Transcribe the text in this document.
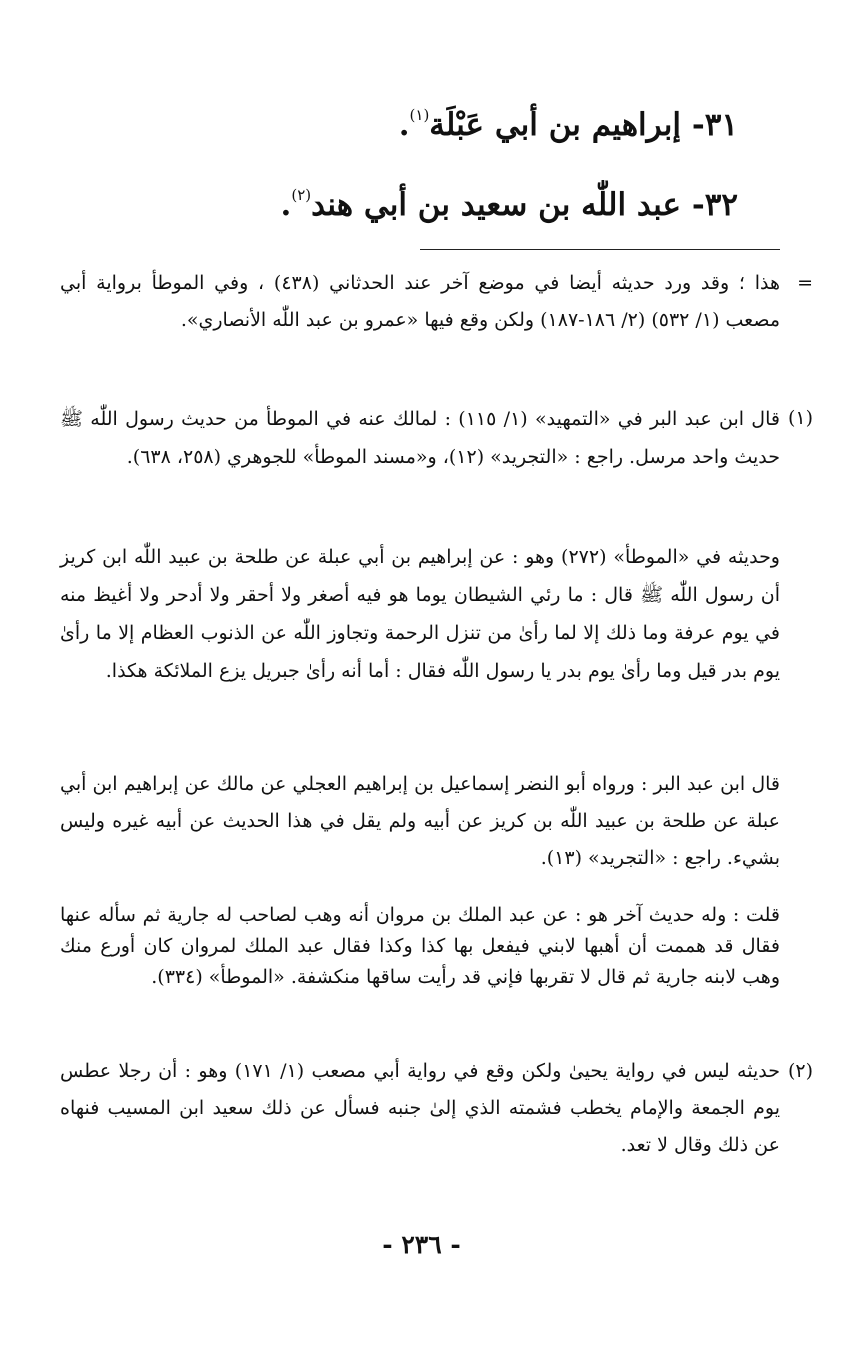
٣١- إبراهيم بن أبي عَبْلَة$^{(١)}$.
٣٢- عبد اللّٰه بن سعيد بن أبي هند$^{(٢)}$.
=
هذا ؛ وقد ورد حديثه أيضا في موضع آخر عند الحدثاني (٤٣٨) ، وفي الموطأ برواية أبي مصعب (١/ ٥٣٢) (٢/ ١٨٦-١٨٧) ولكن وقع فيها «عمرو بن عبد اللّٰه الأنصاري».
(١)
قال ابن عبد البر في «التمهيد» (١/ ١١٥) : لمالك عنه في الموطأ من حديث رسول اللّٰه ﷺ حديث واحد مرسل. راجع : «التجريد» (١٢)، و«مسند الموطأ» للجوهري (٢٥٨، ٦٣٨).
وحديثه في «الموطأ» (٢٧٢) وهو : عن إبراهيم بن أبي عبلة عن طلحة بن عبيد اللّٰه ابن كريز أن رسول اللّٰه ﷺ قال : ما رئي الشيطان يوما هو فيه أصغر ولا أحقر ولا أدحر ولا أغيظ منه في يوم عرفة وما ذلك إلا لما رأىٰ من تنزل الرحمة وتجاوز اللّٰه عن الذنوب العظام إلا ما رأىٰ يوم بدر قيل وما رأىٰ يوم بدر يا رسول اللّٰه فقال : أما أنه رأىٰ جبريل يزع الملائكة هكذا.
قال ابن عبد البر : ورواه أبو النضر إسماعيل بن إبراهيم العجلي عن مالك عن إبراهيم ابن أبي عبلة عن طلحة بن عبيد اللّٰه بن كريز عن أبيه ولم يقل في هذا الحديث عن أبيه غيره وليس بشيء. راجع : «التجريد» (١٣).
قلت : وله حديث آخر هو : عن عبد الملك بن مروان أنه وهب لصاحب له جارية ثم سأله عنها فقال قد هممت أن أهبها لابني فيفعل بها كذا وكذا فقال عبد الملك لمروان كان أورع منك وهب لابنه جارية ثم قال لا تقربها فإني قد رأيت ساقها منكشفة. «الموطأ» (٣٣٤).
(٢)
حديثه ليس في رواية يحيىٰ ولكن وقع في رواية أبي مصعب (١/ ١٧١) وهو : أن رجلا عطس يوم الجمعة والإمام يخطب فشمته الذي إلىٰ جنبه فسأل عن ذلك سعيد ابن المسيب فنهاه عن ذلك وقال لا تعد.
- ٢٣٦ -
